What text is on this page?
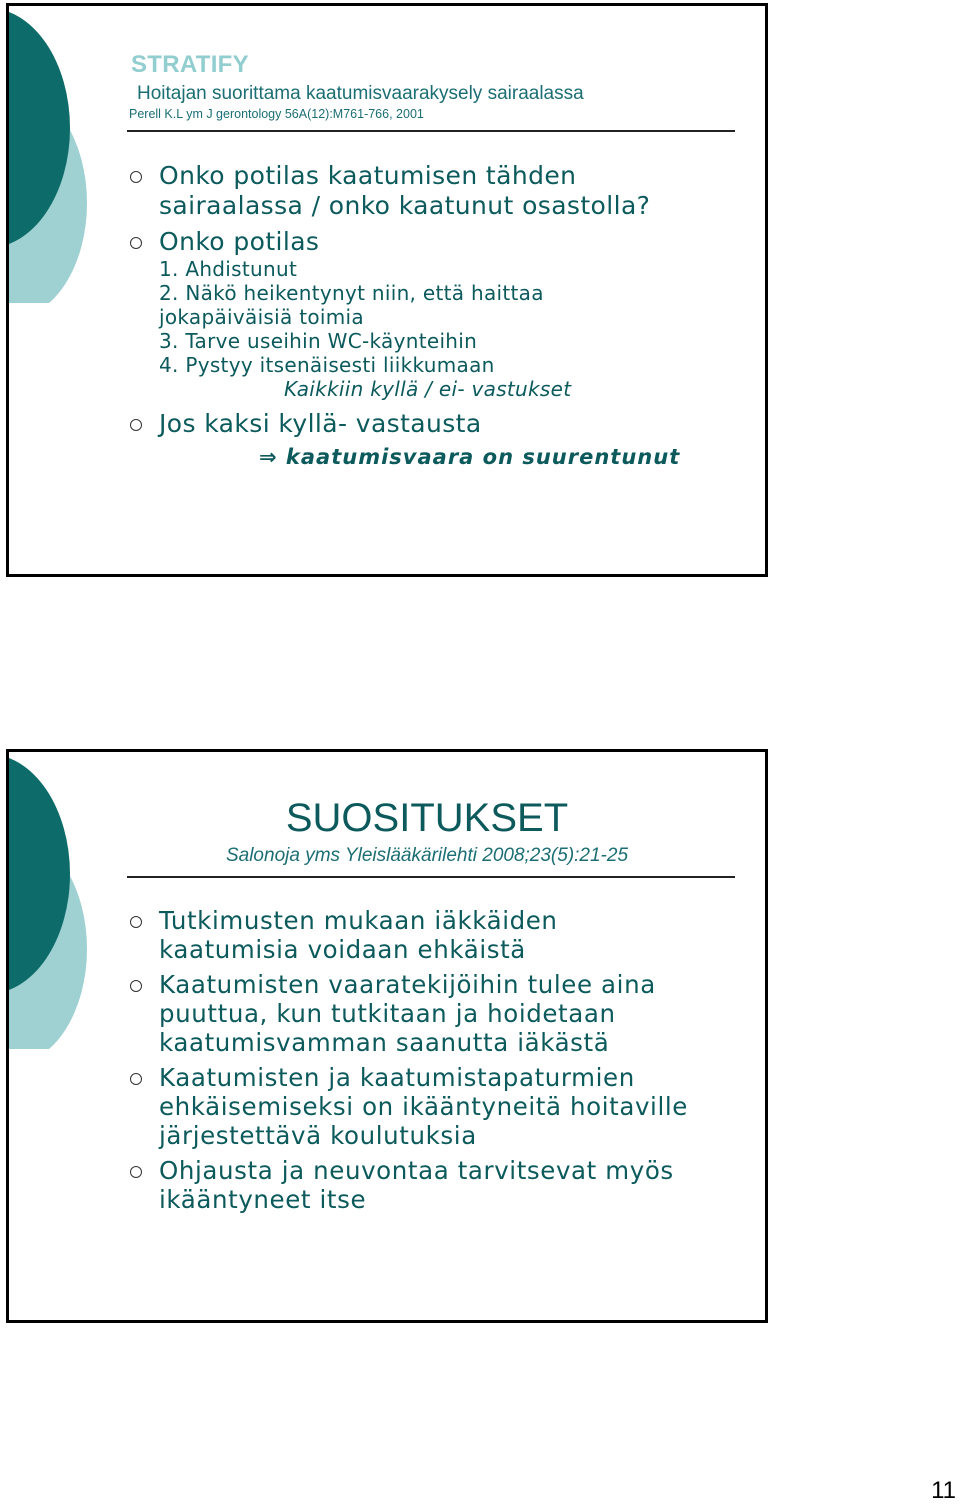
STRATIFY
Hoitajan suorittama kaatumisvaarakysely sairaalassa
Perell K.L ym J gerontology 56A(12):M761-766, 2001
Onko potilas kaatumisen tähden
sairaalassa / onko kaatunut osastolla?
Onko potilas
1. Ahdistunut
2. Näkö heikentynyt niin, että haittaa
jokapäiväisiä toimia
3. Tarve useihin WC-käynteihin
4. Pystyy itsenäisesti liikkumaan
Kaikkiin kyllä / ei- vastukset
Jos kaksi kyllä- vastausta
⇒ kaatumisvaara on suurentunut
SUOSITUKSET
Salonoja yms Yleislääkärilehti 2008;23(5):21-25
Tutkimusten mukaan iäkkäiden
kaatumisia voidaan ehkäistä
Kaatumisten vaaratekijöihin tulee aina
puuttua, kun tutkitaan ja hoidetaan
kaatumisvamman saanutta iäkästä
Kaatumisten ja kaatumistapaturmien
ehkäisemiseksi on ikääntyneitä hoitaville
järjestettävä koulutuksia
Ohjausta ja neuvontaa tarvitsevat myös
ikääntyneet itse
11
